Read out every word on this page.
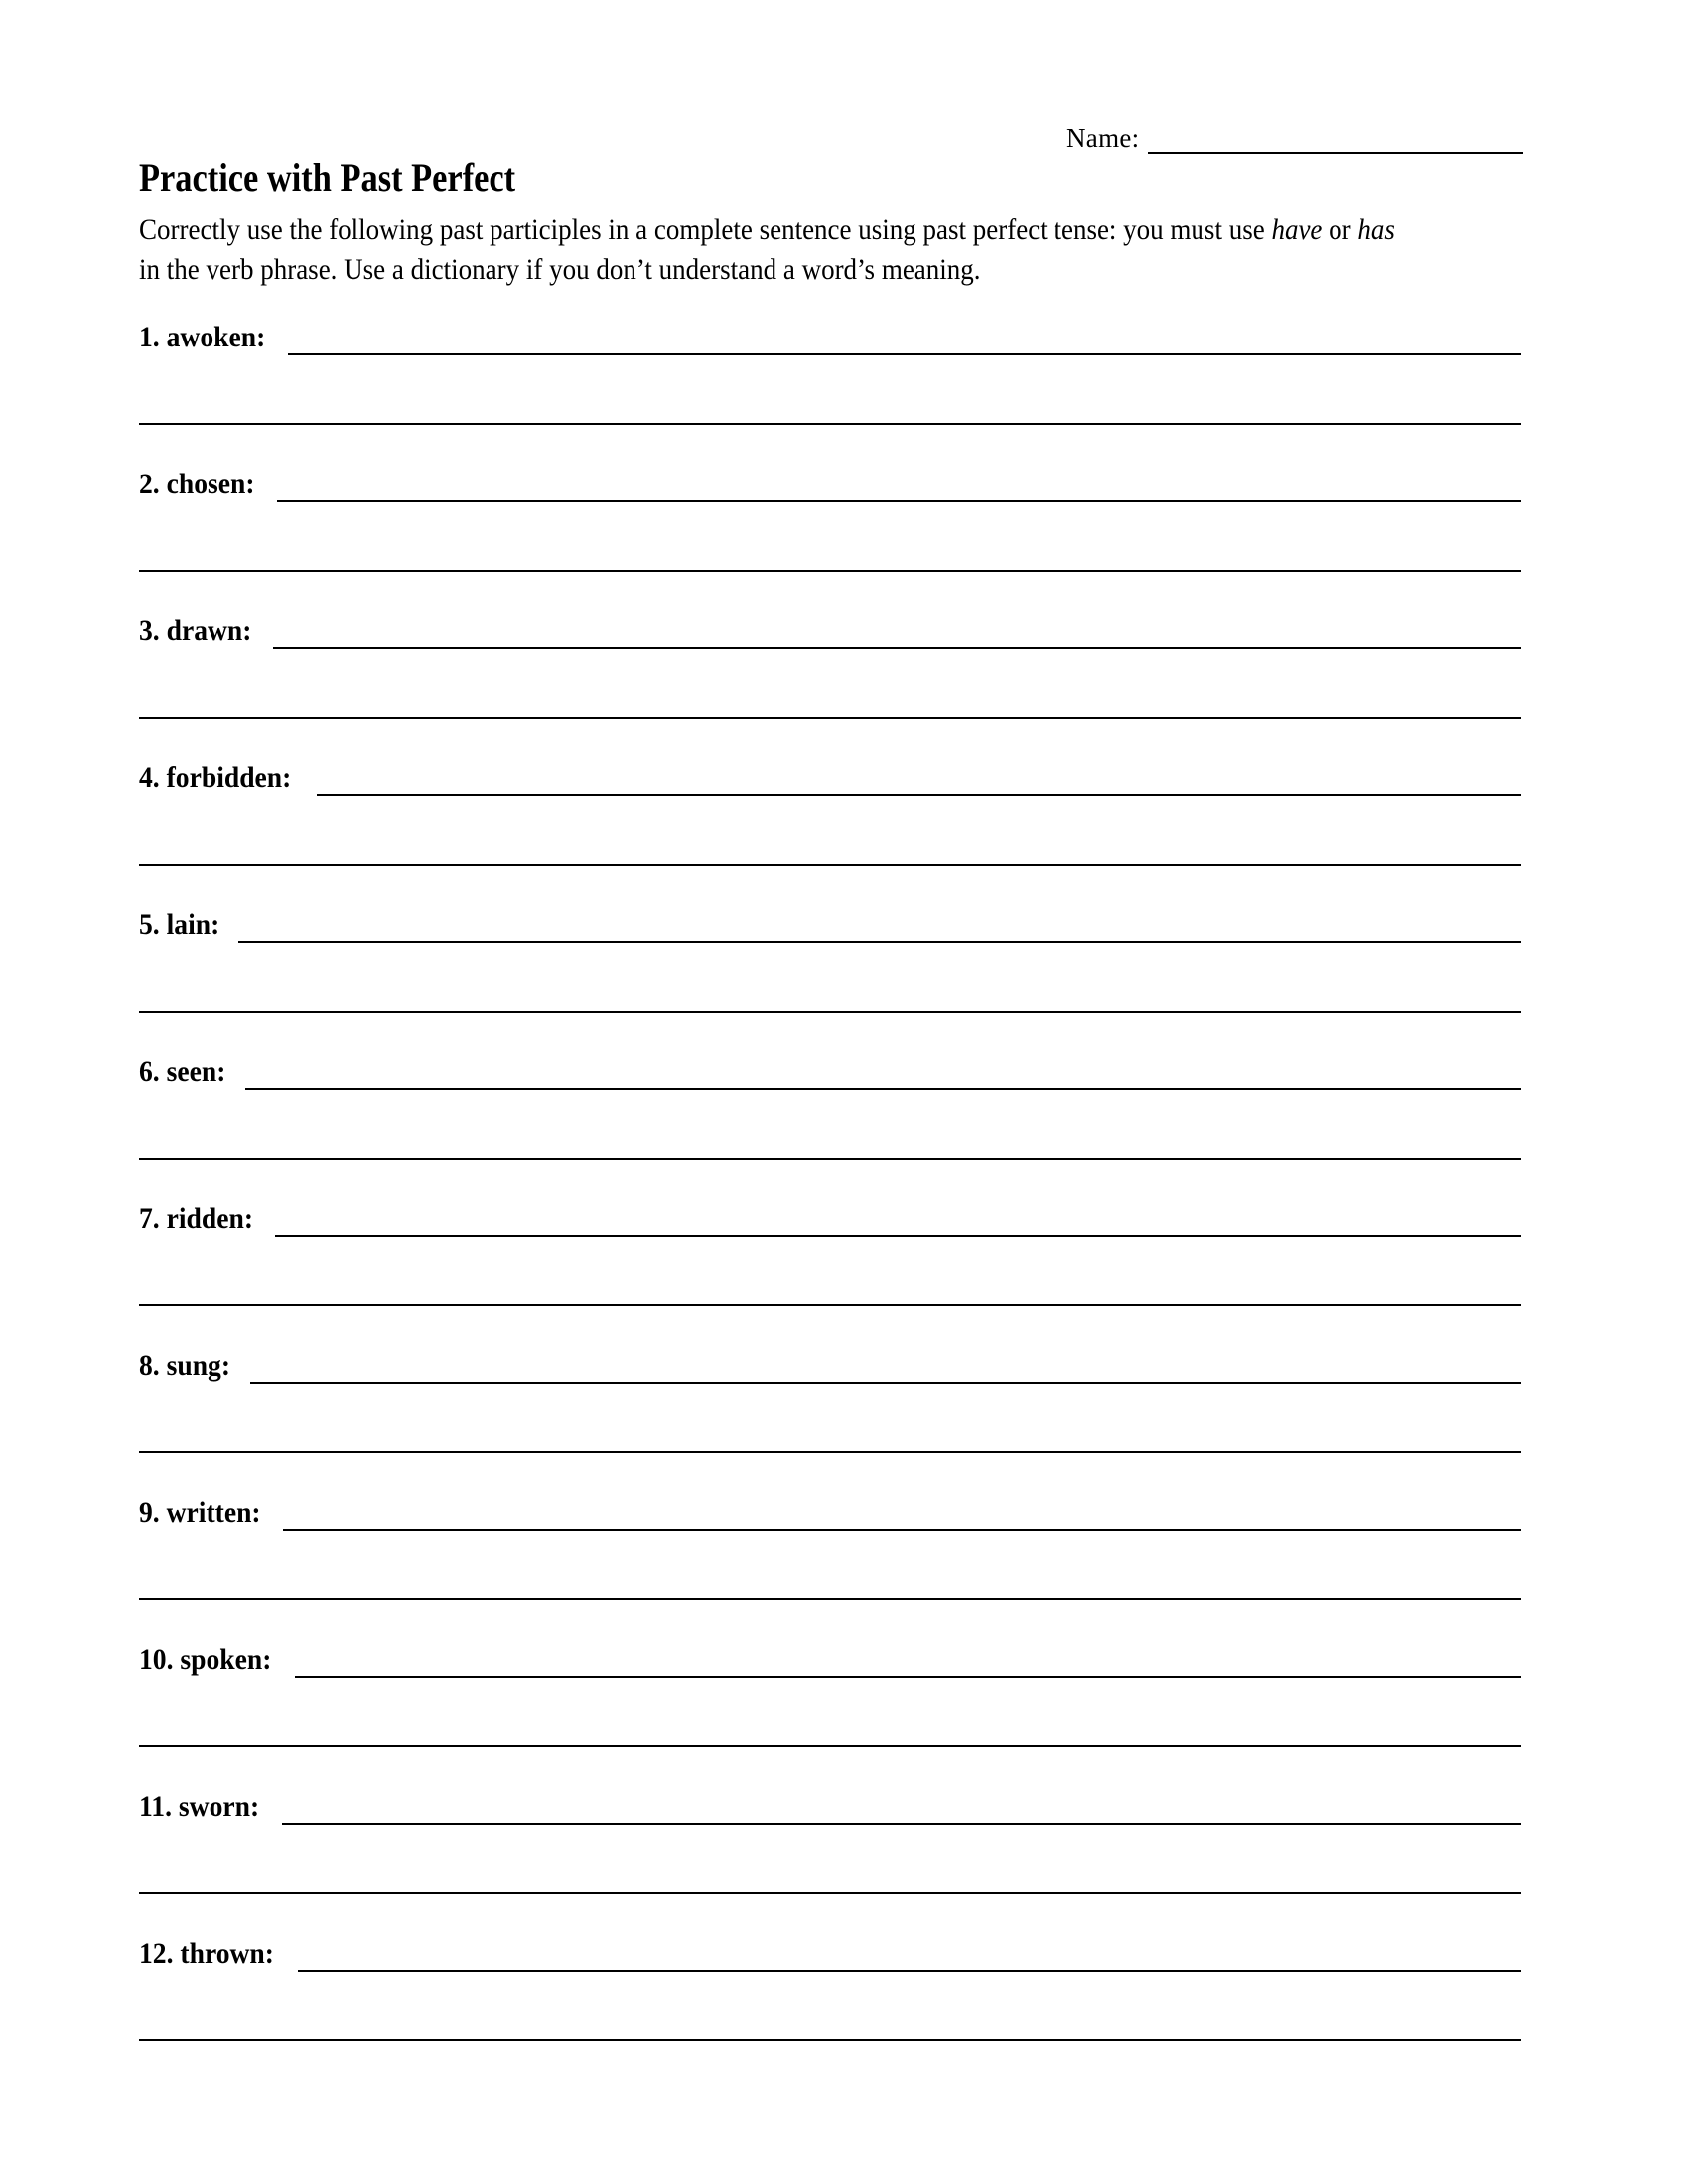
Name:
Practice with Past Perfect
Correctly use the following past participles in a complete sentence using past perfect tense: you must use have or has in the verb phrase. Use a dictionary if you don’t understand a word’s meaning.
1. awoken:
2. chosen:
3. drawn:
4. forbidden:
5. lain:
6. seen:
7. ridden:
8. sung:
9. written:
10. spoken:
11. sworn:
12. thrown:
